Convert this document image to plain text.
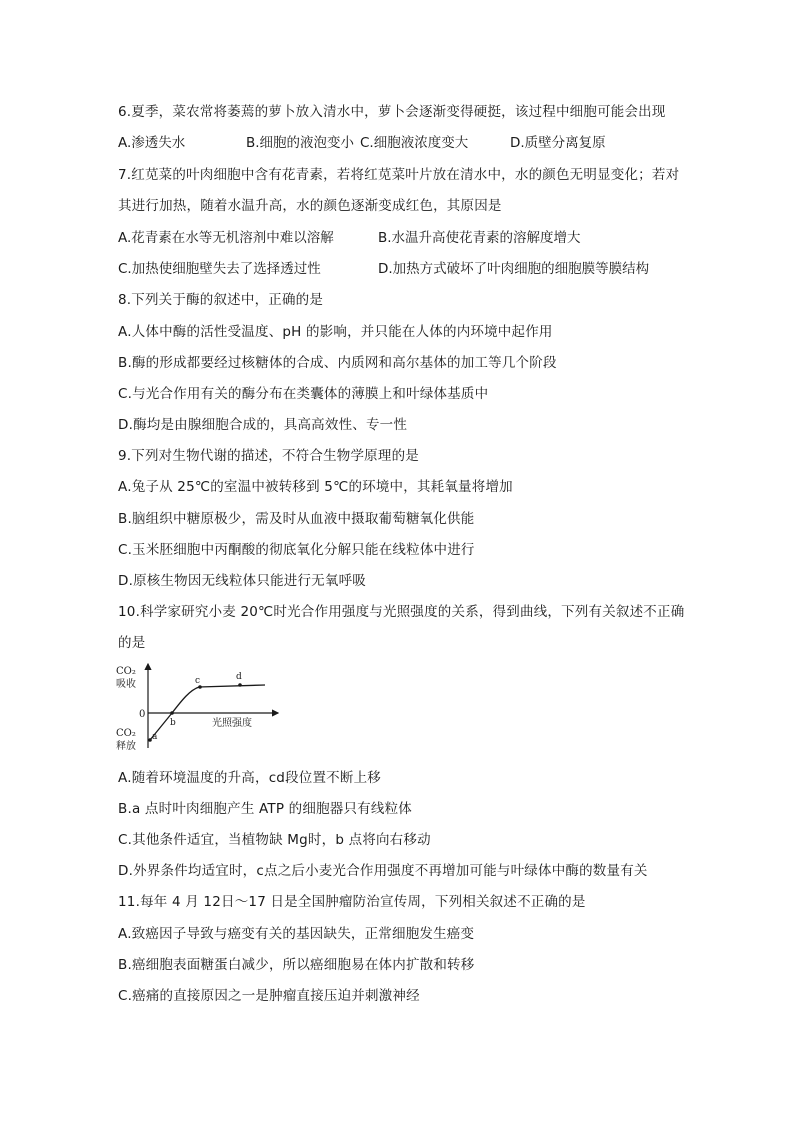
6.夏季，菜农常将萎蔫的萝卜放入清水中，萝卜会逐渐变得硬挺，该过程中细胞可能会出现
A.渗透失水	B.细胞的液泡变小 C.细胞液浓度变大	D.质壁分离复原
7.红苋菜的叶肉细胞中含有花青素，若将红苋菜叶片放在清水中，水的颜色无明显变化；若对
其进行加热，随着水温升高，水的颜色逐渐变成红色，其原因是
A.花青素在水等无机溶剂中难以溶解	B.水温升高使花青素的溶解度增大
C.加热使细胞壁失去了选择透过性	D.加热方式破坏了叶肉细胞的细胞膜等膜结构
8.下列关于酶的叙述中，正确的是
A.人体中酶的活性受温度、pH 的影响，并只能在人体的内环境中起作用
B.酶的形成都要经过核糖体的合成、内质网和高尔基体的加工等几个阶段
C.与光合作用有关的酶分布在类囊体的薄膜上和叶绿体基质中
D.酶均是由腺细胞合成的，具高高效性、专一性
9.下列对生物代谢的描述，不符合生物学原理的是
A.兔子从 25℃的室温中被转移到 5℃的环境中，其耗氧量将增加
B.脑组织中糖原极少，需及时从血液中摄取葡萄糖氧化供能
C.玉米胚细胞中丙酮酸的彻底氧化分解只能在线粒体中进行
D.原核生物因无线粒体只能进行无氧呼吸
10.科学家研究小麦 20℃时光合作用强度与光照强度的关系，得到曲线，下列有关叙述不正确
的是
CO₂
吸收
CO₂
释放
0
光照强度
a
b
c	d
A.随着环境温度的升高，cd段位置不断上移
B.a 点时叶肉细胞产生 ATP 的细胞器只有线粒体
C.其他条件适宜，当植物缺 Mg时，b 点将向右移动
D.外界条件均适宜时，c点之后小麦光合作用强度不再增加可能与叶绿体中酶的数量有关
11.每年 4 月 12日～17 日是全国肿瘤防治宣传周，下列相关叙述不正确的是
A.致癌因子导致与癌变有关的基因缺失，正常细胞发生癌变
B.癌细胞表面糖蛋白减少，所以癌细胞易在体内扩散和转移
C.癌痛的直接原因之一是肿瘤直接压迫并刺激神经
